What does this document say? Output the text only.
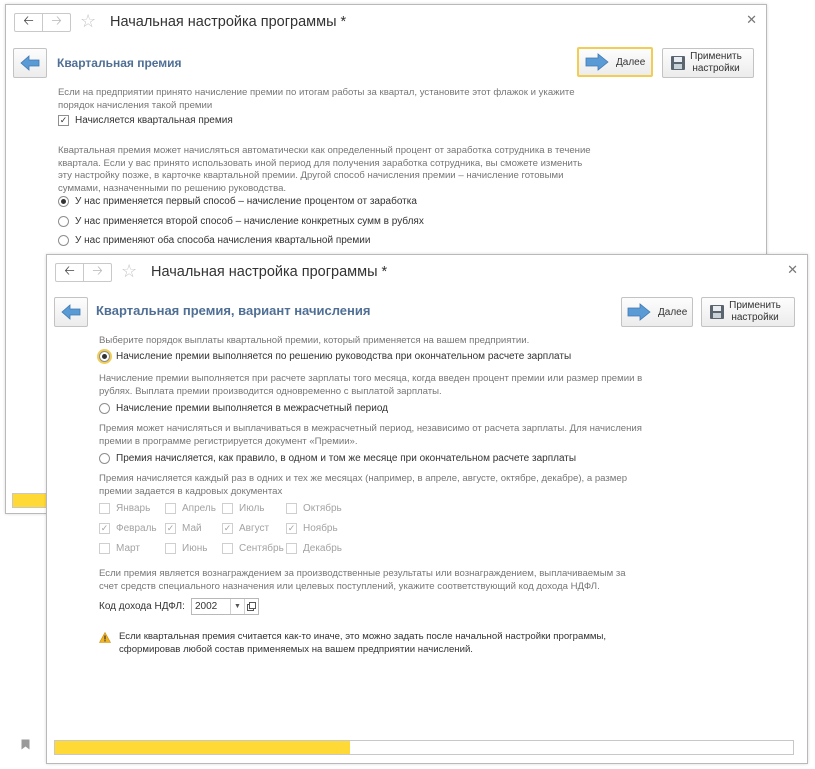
🡠 🡢 ☆ Начальная настройка программы *	✕
Квартальная премия	Далее	Применить
настройки

Если на предприятии принято начисление премии по итогам работы за квартал, установите этот флажок и укажите
порядок начисления такой премии

✓ Начисляется квартальная премия

Квартальная премия может начисляться автоматически как определенный процент от заработка сотрудника в течение
квартала. Если у вас принято использовать иной период для получения заработка сотрудника, вы сможете изменить
эту настройку позже, в карточке квартальной премии. Другой способ начисления премии – начисление готовыми
суммами, назначенными по решению руководства.

У нас применяется первый способ – начисление процентом от заработка
У нас применяется второй способ – начисление конкретных сумм в рублях
У нас применяют оба способа начисления квартальной премии
🡠 🡢 ☆ Начальная настройка программы *	✕
Квартальная премия, вариант начисления	Далее
Применить
настройки

Выберите порядок выплаты квартальной премии, который применяется на вашем предприятии.

Начисление премии выполняется по решению руководства при окончательном расчете зарплаты

Начисление премии выполняется при расчете зарплаты того месяца, когда введен процент премии или размер премии в
рублях. Выплата премии производится одновременно с выплатой зарплаты.

Начисление премии выполняется в межрасчетный период

Премия может начисляться и выплачиваться в межрасчетный период, независимо от расчета зарплаты. Для начисления
премии в программе регистрируется документ «Премии».

Премия начисляется, как правило, в одном и том же месяце при окончательном расчете зарплаты

Премия начисляется каждый раз в одних и тех же месяцах (например, в апреле, августе, октябре, декабре), а размер
премии задается в кадровых документах

Январь	Апрель Июль	Октябрь
✓ Февраль ✓ Май ✓ Август ✓ Ноябрь
Март	Июнь	Сентябрь Декабрь

Если премия является вознаграждением за производственные результаты или вознаграждением, выплачиваемым за
счет средств специального назначения или целевых поступлений, укажите соответствующий код дохода НДФЛ.

Код дохода НДФЛ:	2002	▼

Если квартальная премия считается как-то иначе, это можно задать после начальной настройки программы,
сформировав любой состав применяемых на вашем предприятии начислений.
